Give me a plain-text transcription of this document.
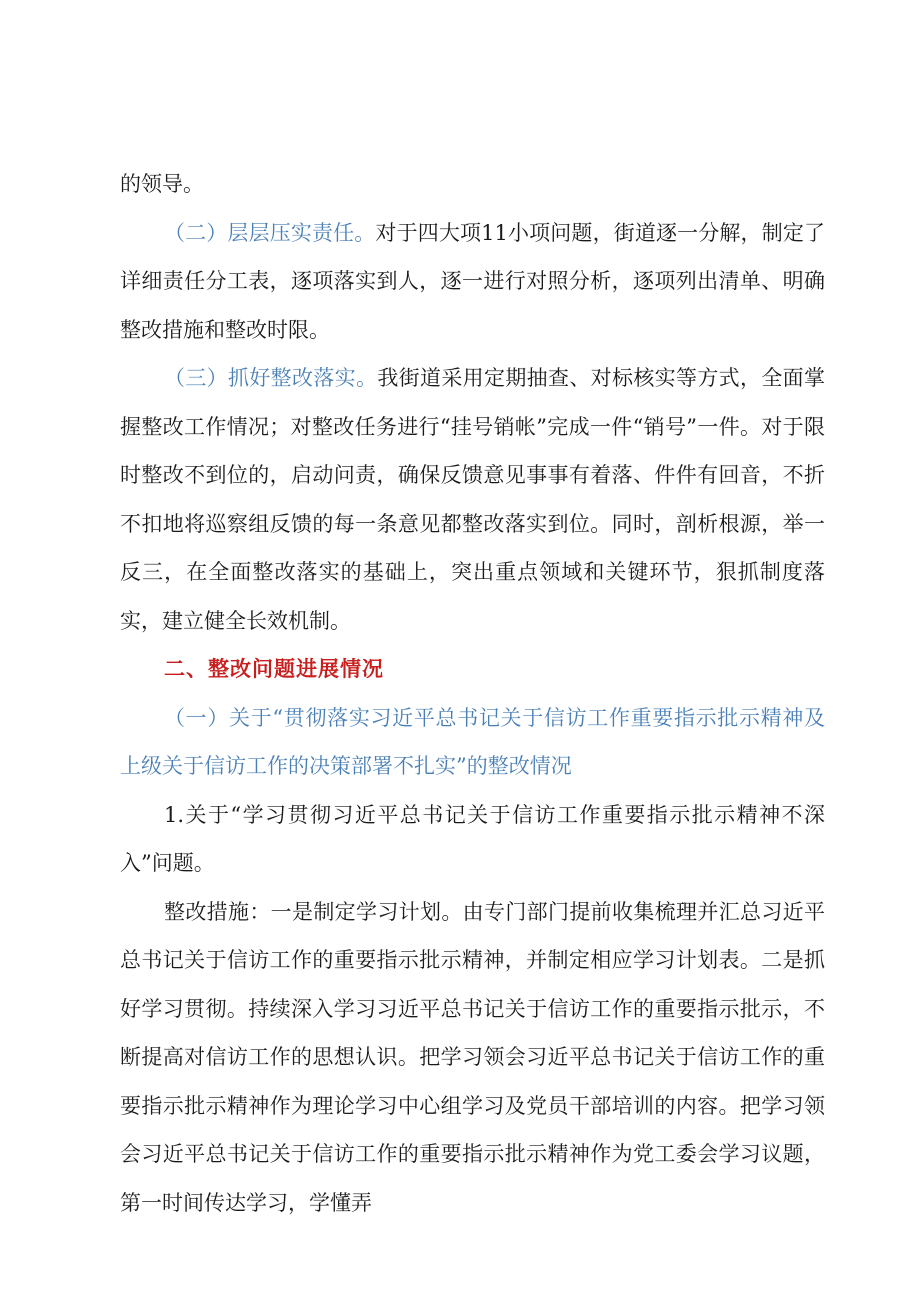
的领导。

（二）层层压实责任。对于四大项11小项问题，街道逐一分解，制定了详细责任分工表，逐项落实到人，逐一进行对照分析，逐项列出清单、明确整改措施和整改时限。

（三）抓好整改落实。我街道采用定期抽查、对标核实等方式，全面掌握整改工作情况；对整改任务进行“挂号销帐”完成一件“销号”一件。对于限时整改不到位的，启动问责，确保反馈意见事事有着落、件件有回音，不折不扣地将巡察组反馈的每一条意见都整改落实到位。同时，剖析根源，举一反三，在全面整改落实的基础上，突出重点领域和关键环节，狠抓制度落实，建立健全长效机制。

二、整改问题进展情况

（一）关于“贯彻落实习近平总书记关于信访工作重要指示批示精神及上级关于信访工作的决策部署不扎实”的整改情况

1.关于“学习贯彻习近平总书记关于信访工作重要指示批示精神不深入”问题。

整改措施：一是制定学习计划。由专门部门提前收集梳理并汇总习近平总书记关于信访工作的重要指示批示精神，并制定相应学习计划表。二是抓好学习贯彻。持续深入学习习近平总书记关于信访工作的重要指示批示，不断提高对信访工作的思想认识。把学习领会习近平总书记关于信访工作的重要指示批示精神作为理论学习中心组学习及党员干部培训的内容。把学习领会习近平总书记关于信访工作的重要指示批示精神作为党工委会学习议题，第一时间传达学习，学懂弄
